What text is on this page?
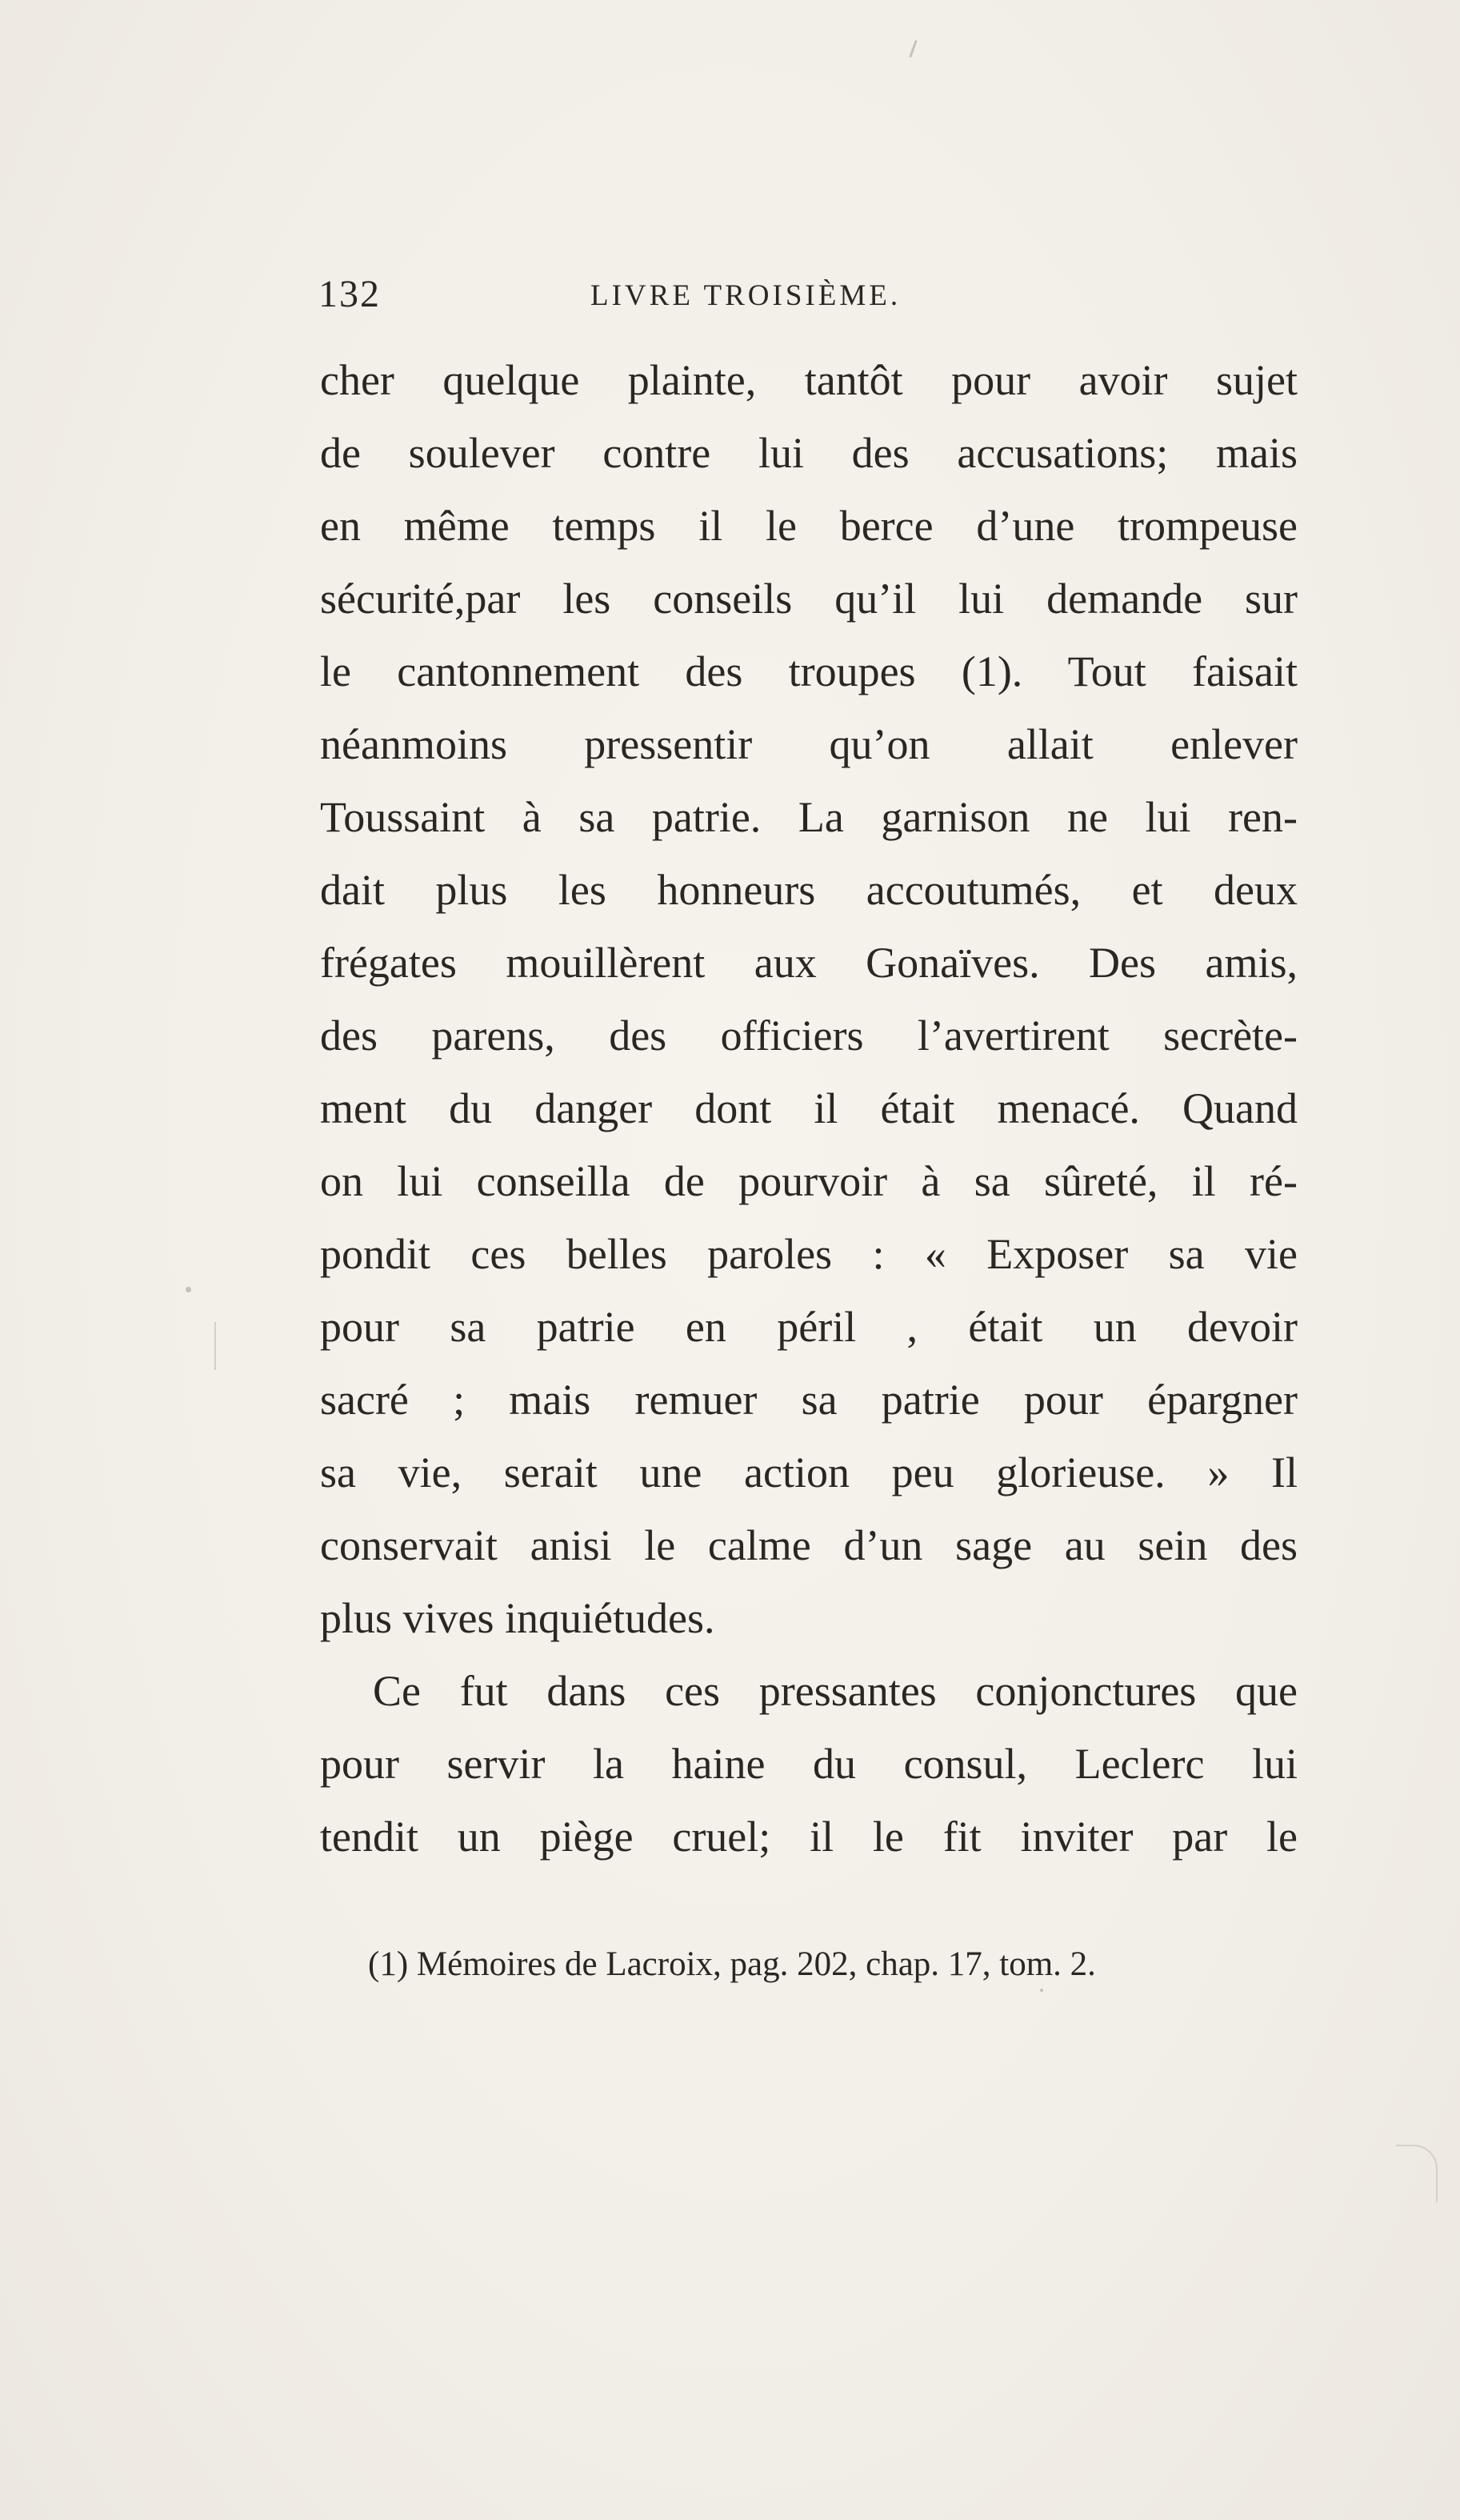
132	LIVRE TROISIÈME.
cher quelque plainte, tantôt pour avoir sujet
de soulever contre lui des accusations; mais
en même temps il le berce d’une trompeuse
sécurité,par les conseils qu’il lui demande sur
le cantonnement des troupes (1). Tout faisait
néanmoins pressentir qu’on allait enlever
Toussaint à sa patrie. La garnison ne lui ren-
dait plus les honneurs accoutumés, et deux
frégates mouillèrent aux Gonaïves. Des amis,
des parens, des officiers l’avertirent secrète-
ment du danger dont il était menacé. Quand
on lui conseilla de pourvoir à sa sûreté, il ré-
pondit ces belles paroles : « Exposer sa vie
pour sa patrie en péril , était un devoir
sacré ; mais remuer sa patrie pour épargner
sa vie, serait une action peu glorieuse. » Il
conservait anisi le calme d’un sage au sein des
plus vives inquiétudes.
Ce fut dans ces pressantes conjonctures que
pour servir la haine du consul, Leclerc lui
tendit un piège cruel; il le fit inviter par le
(1) Mémoires de Lacroix, pag. 202, chap. 17, tom. 2.
